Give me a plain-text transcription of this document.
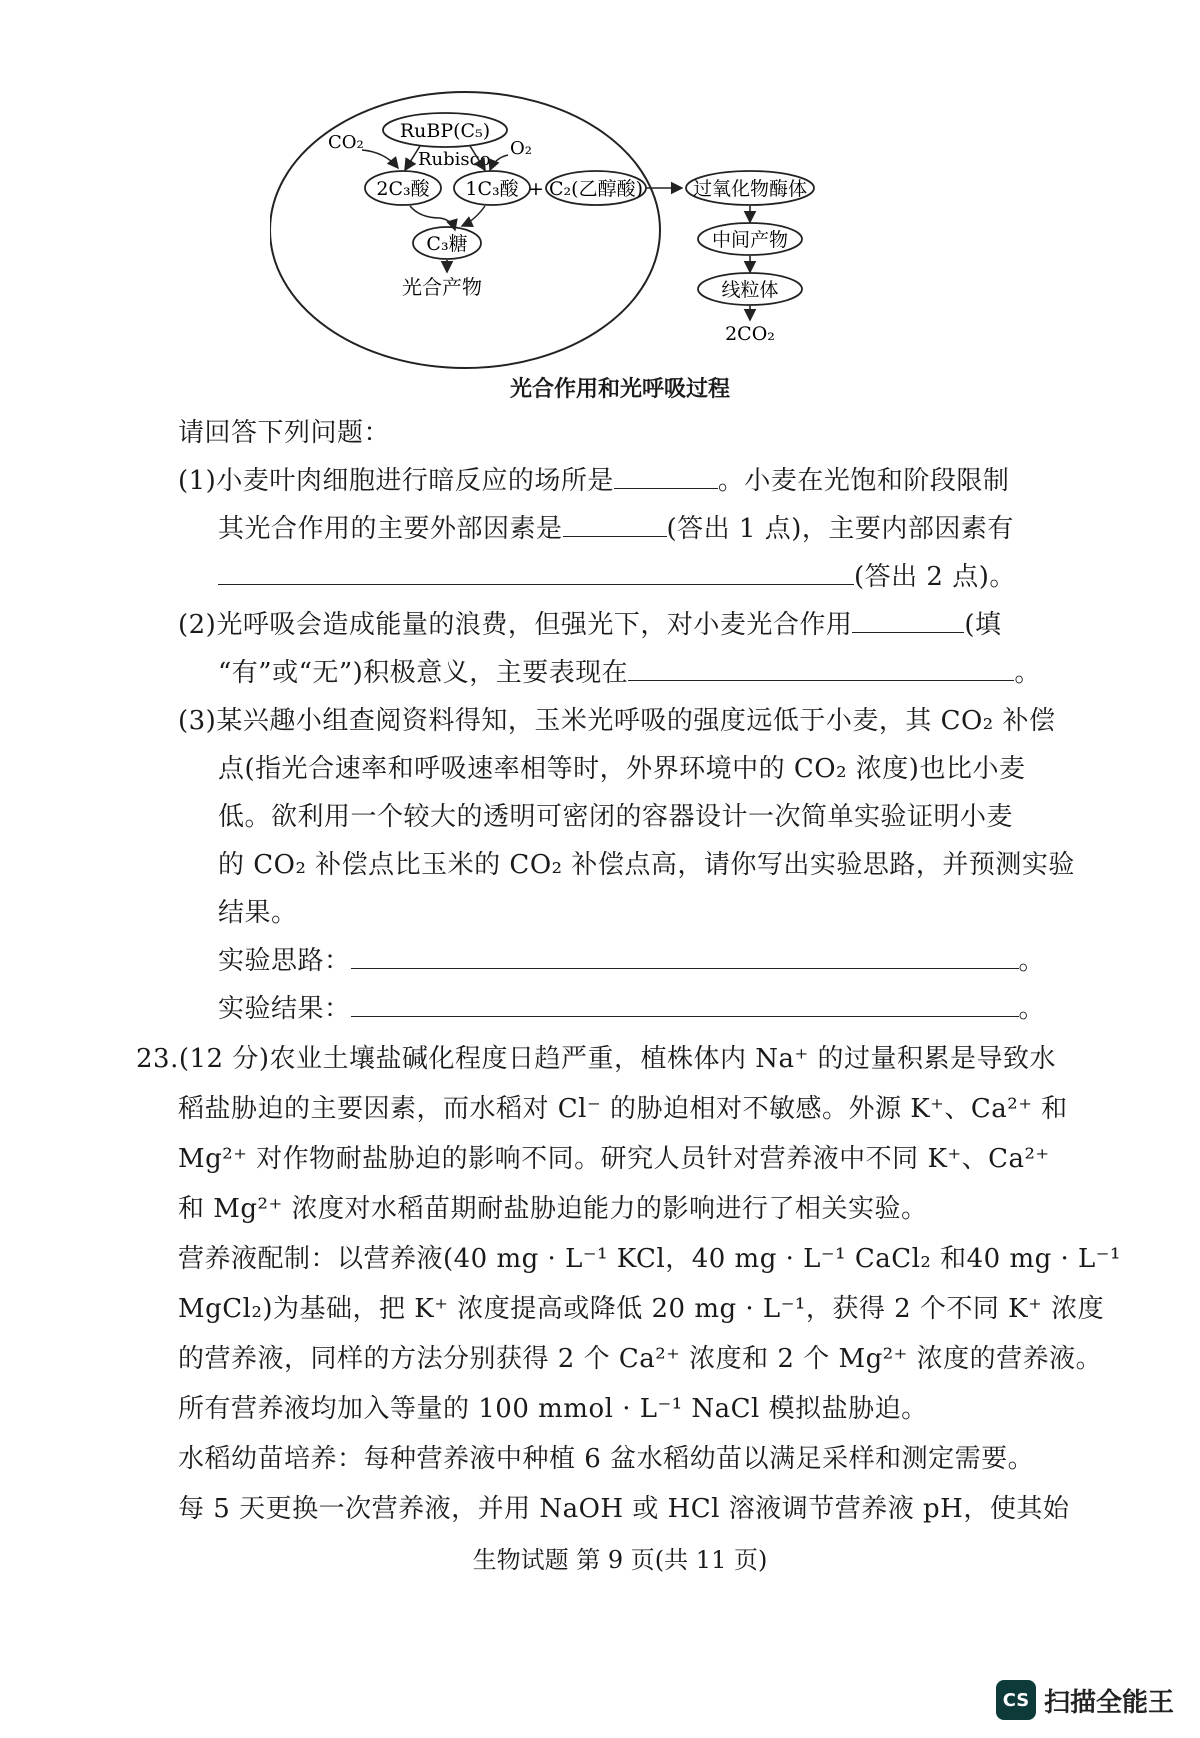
RuBP(C₅)
CO₂	O₂
Rubisco
2C₃酸 1C₃酸 + C₂(乙醇酸)
C₃糖
光合产物
过氧化物酶体
中间产物
线粒体
2CO₂
光合作用和光呼吸过程
请回答下列问题：
(1)小麦叶肉细胞进行暗反应的场所是	。小麦在光饱和阶段限制
其光合作用的主要外部因素是	(答出 1 点)，主要内部因素有
(答出 2 点)。
(2)光呼吸会造成能量的浪费，但强光下，对小麦光合作用	(填
“有”或“无”)积极意义，主要表现在	。
(3)某兴趣小组查阅资料得知，玉米光呼吸的强度远低于小麦，其 CO₂ 补偿
点(指光合速率和呼吸速率相等时，外界环境中的 CO₂ 浓度)也比小麦
低。欲利用一个较大的透明可密闭的容器设计一次简单实验证明小麦
的 CO₂ 补偿点比玉米的 CO₂ 补偿点高，请你写出实验思路，并预测实验
结果。
实验思路：	。
实验结果：	。
23.(12 分)农业土壤盐碱化程度日趋严重，植株体内 Na⁺ 的过量积累是导致水
稻盐胁迫的主要因素，而水稻对 Cl⁻ 的胁迫相对不敏感。外源 K⁺、Ca²⁺ 和
Mg²⁺ 对作物耐盐胁迫的影响不同。研究人员针对营养液中不同 K⁺、Ca²⁺
和 Mg²⁺ 浓度对水稻苗期耐盐胁迫能力的影响进行了相关实验。
营养液配制：以营养液(40 mg · L⁻¹ KCl，40 mg · L⁻¹ CaCl₂ 和40 mg · L⁻¹
MgCl₂)为基础，把 K⁺ 浓度提高或降低 20 mg · L⁻¹，获得 2 个不同 K⁺ 浓度
的营养液，同样的方法分别获得 2 个 Ca²⁺ 浓度和 2 个 Mg²⁺ 浓度的营养液。
所有营养液均加入等量的 100 mmol · L⁻¹ NaCl 模拟盐胁迫。
水稻幼苗培养：每种营养液中种植 6 盆水稻幼苗以满足采样和测定需要。
每 5 天更换一次营养液，并用 NaOH 或 HCl 溶液调节营养液 pH，使其始
生物试题 第 9 页(共 11 页)
CS 扫描全能王
